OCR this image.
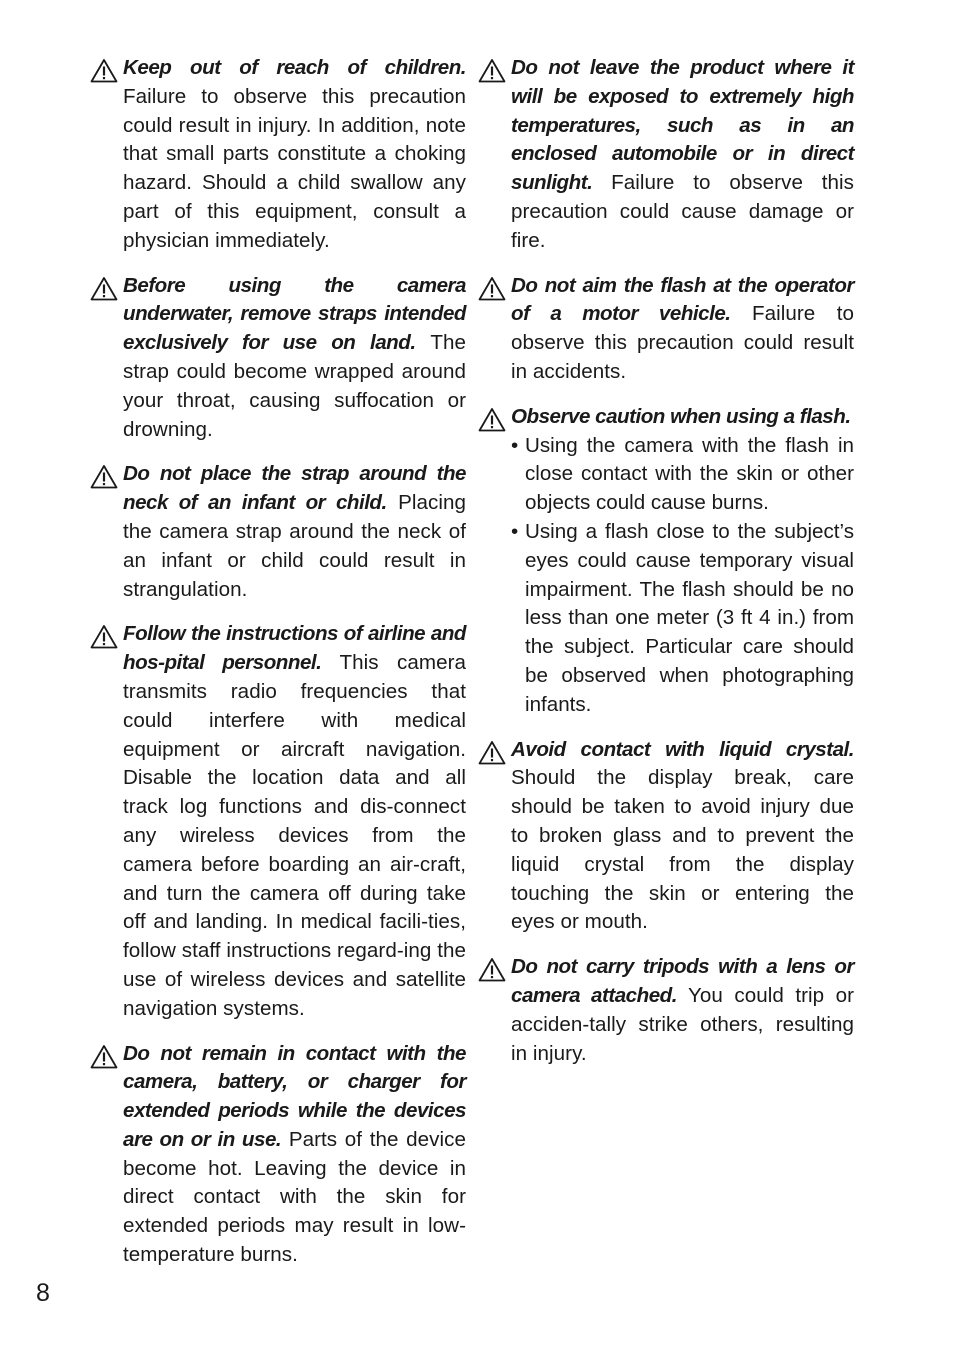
Keep out of reach of children. Failure to observe this precaution could result in injury. In addition, note that small parts constitute a choking hazard. Should a child swallow any part of this equipment, consult a physician immediately.

Before using the camera underwater, remove straps intended exclusively for use on land. The strap could become wrapped around your throat, causing suffocation or drowning.

Do not place the strap around the neck of an infant or child. Placing the camera strap around the neck of an infant or child could result in strangulation.

Follow the instructions of airline and hos-pital personnel. This camera transmits radio frequencies that could interfere with medical equipment or aircraft navigation. Disable the location data and all track log functions and dis-connect any wireless devices from the camera before boarding an air-craft, and turn the camera off during take off and landing. In medical facili-ties, follow staff instructions regard-ing the use of wireless devices and satellite navigation systems.

Do not remain in contact with the camera, battery, or charger for extended periods while the devices are on or in use. Parts of the device become hot. Leaving the device in direct contact with the skin for extended periods may result in low-temperature burns.

Do not leave the product where it will be exposed to extremely high temperatures, such as in an enclosed automobile or in direct sunlight. Failure to observe this precaution could cause damage or fire.

Do not aim the flash at the operator of a motor vehicle. Failure to observe this precaution could result in accidents.

Observe caution when using a flash.

• Using the camera with the flash in close contact with the skin or other objects could cause burns.
• Using a flash close to the subject’s eyes could cause temporary visual impairment. The flash should be no less than one meter (3 ft 4 in.) from the subject. Particular care should be observed when photographing infants.

Avoid contact with liquid crystal. Should the display break, care should be taken to avoid injury due to broken glass and to prevent the liquid crystal from the display touching the skin or entering the eyes or mouth.

Do not carry tripods with a lens or camera attached. You could trip or acciden-tally strike others, resulting in injury.

8
